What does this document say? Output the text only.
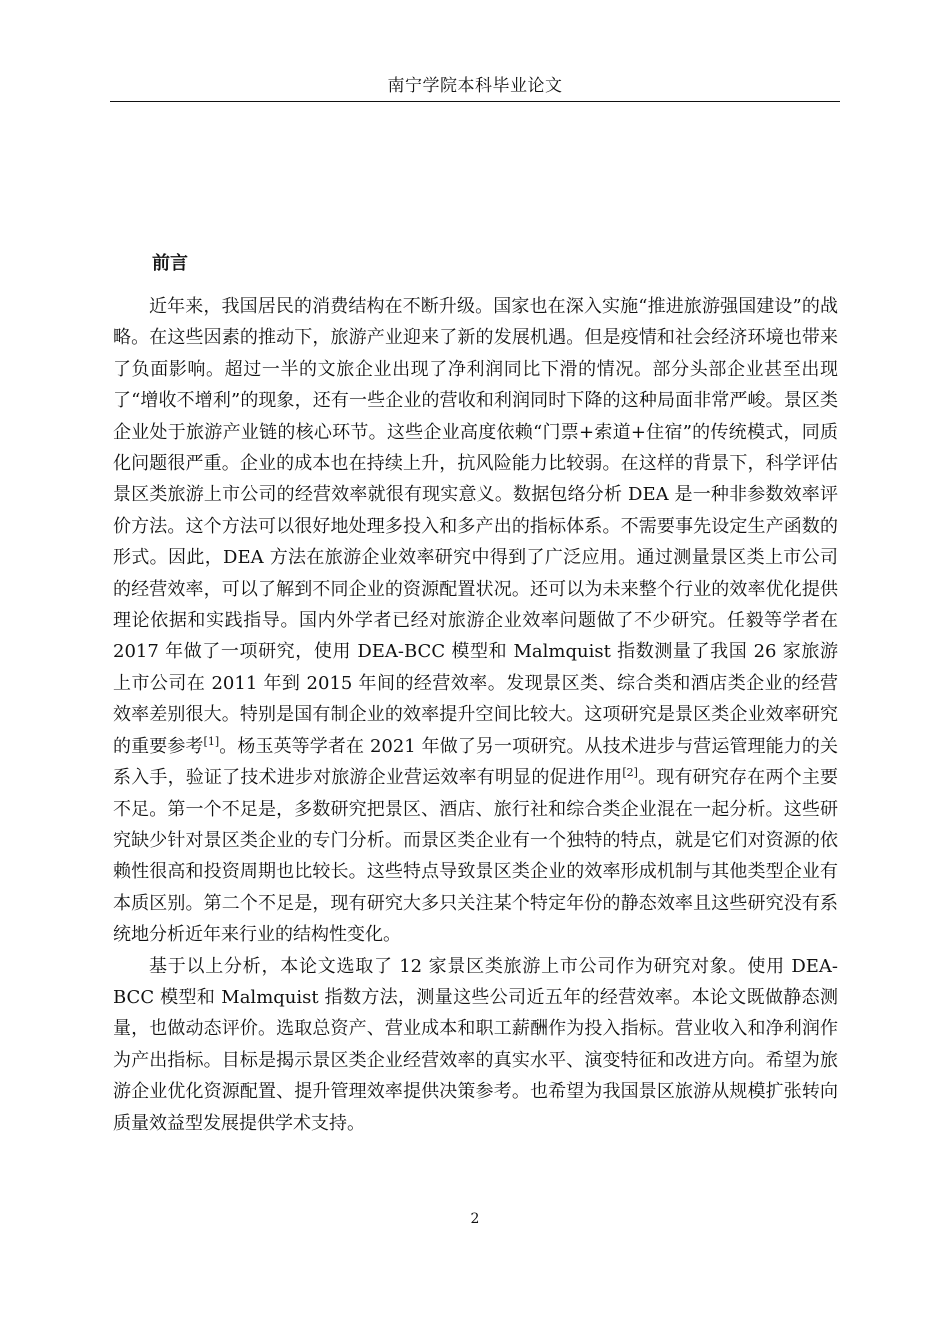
南宁学院本科毕业论文
前言

近年来，我国居民的消费结构在不断升级。国家也在深入实施“推进旅游强国建设”的战略。在这些因素的推动下，旅游产业迎来了新的发展机遇。但是疫情和社会经济环境也带来了负面影响。超过一半的文旅企业出现了净利润同比下滑的情况。部分头部企业甚至出现了“增收不增利”的现象，还有一些企业的营收和利润同时下降的这种局面非常严峻。景区类企业处于旅游产业链的核心环节。这些企业高度依赖“门票+索道+住宿”的传统模式，同质化问题很严重。企业的成本也在持续上升，抗风险能力比较弱。在这样的背景下，科学评估景区类旅游上市公司的经营效率就很有现实意义。数据包络分析 DEA 是一种非参数效率评价方法。这个方法可以很好地处理多投入和多产出的指标体系。不需要事先设定生产函数的形式。因此，DEA 方法在旅游企业效率研究中得到了广泛应用。通过测量景区类上市公司的经营效率，可以了解到不同企业的资源配置状况。还可以为未来整个行业的效率优化提供理论依据和实践指导。国内外学者已经对旅游企业效率问题做了不少研究。任毅等学者在 2017 年做了一项研究，使用 DEA-BCC 模型和 Malmquist 指数测量了我国 26 家旅游上市公司在 2011 年到 2015 年间的经营效率。发现景区类、综合类和酒店类企业的经营效率差别很大。特别是国有制企业的效率提升空间比较大。这项研究是景区类企业效率研究的重要参考[1]。杨玉英等学者在 2021 年做了另一项研究。从技术进步与营运管理能力的关系入手，验证了技术进步对旅游企业营运效率有明显的促进作用[2]。现有研究存在两个主要不足。第一个不足是，多数研究把景区、酒店、旅行社和综合类企业混在一起分析。这些研究缺少针对景区类企业的专门分析。而景区类企业有一个独特的特点，就是它们对资源的依赖性很高和投资周期也比较长。这些特点导致景区类企业的效率形成机制与其他类型企业有本质区别。第二个不足是，现有研究大多只关注某个特定年份的静态效率且这些研究没有系统地分析近年来行业的结构性变化。

基于以上分析，本论文选取了 12 家景区类旅游上市公司作为研究对象。使用 DEA-BCC 模型和 Malmquist 指数方法，测量这些公司近五年的经营效率。本论文既做静态测量，也做动态评价。选取总资产、营业成本和职工薪酬作为投入指标。营业收入和净利润作为产出指标。目标是揭示景区类企业经营效率的真实水平、演变特征和改进方向。希望为旅游企业优化资源配置、提升管理效率提供决策参考。也希望为我国景区旅游从规模扩张转向质量效益型发展提供学术支持。

2
